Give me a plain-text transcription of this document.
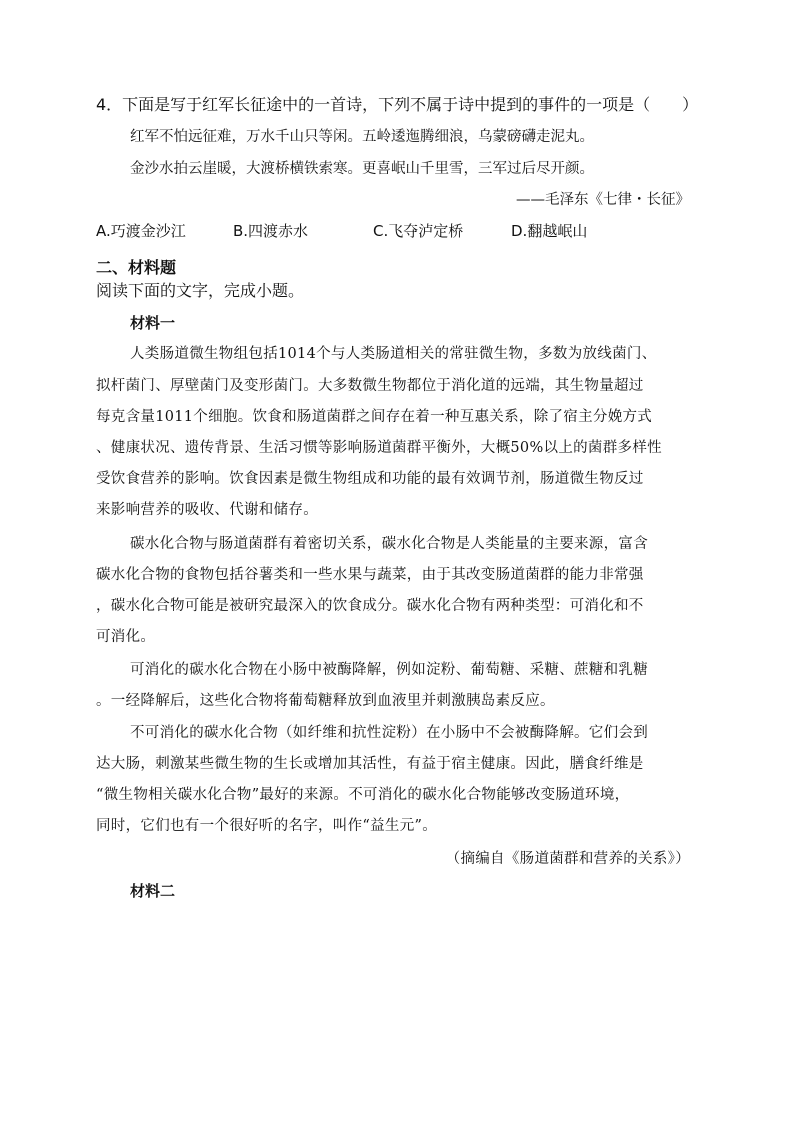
4．下面是写于红军长征途中的一首诗，下列不属于诗中提到的事件的一项是（　　）
红军不怕远征难，万水千山只等闲。五岭逶迤腾细浪，乌蒙磅礴走泥丸。
金沙水拍云崖暖，大渡桥横铁索寒。更喜岷山千里雪，三军过后尽开颜。
——毛泽东《七律・长征》
A.巧渡金沙江	B.四渡赤水	C.飞夺泸定桥	D.翻越岷山
二、材料题
阅读下面的文字，完成小题。
材料一
人类肠道微生物组包括1014个与人类肠道相关的常驻微生物，多数为放线菌门、
拟杆菌门、厚壁菌门及变形菌门。大多数微生物都位于消化道的远端，其生物量超过
每克含量1011个细胞。饮食和肠道菌群之间存在着一种互惠关系，除了宿主分娩方式
、健康状况、遗传背景、生活习惯等影响肠道菌群平衡外，大概50%以上的菌群多样性
受饮食营养的影响。饮食因素是微生物组成和功能的最有效调节剂，肠道微生物反过
来影响营养的吸收、代谢和储存。
碳水化合物与肠道菌群有着密切关系，碳水化合物是人类能量的主要来源，富含
碳水化合物的食物包括谷薯类和一些水果与蔬菜，由于其改变肠道菌群的能力非常强
，碳水化合物可能是被研究最深入的饮食成分。碳水化合物有两种类型：可消化和不
可消化。
可消化的碳水化合物在小肠中被酶降解，例如淀粉、葡萄糖、采糖、蔗糖和乳糖
。一经降解后，这些化合物将葡萄糖释放到血液里并刺激胰岛素反应。
不可消化的碳水化合物（如纤维和抗性淀粉）在小肠中不会被酶降解。它们会到
达大肠，刺激某些微生物的生长或增加其活性，有益于宿主健康。因此，膳食纤维是
“微生物相关碳水化合物”最好的来源。不可消化的碳水化合物能够改变肠道环境，
同时，它们也有一个很好听的名字，叫作“益生元”。
（摘编自《肠道菌群和营养的关系》）
材料二
